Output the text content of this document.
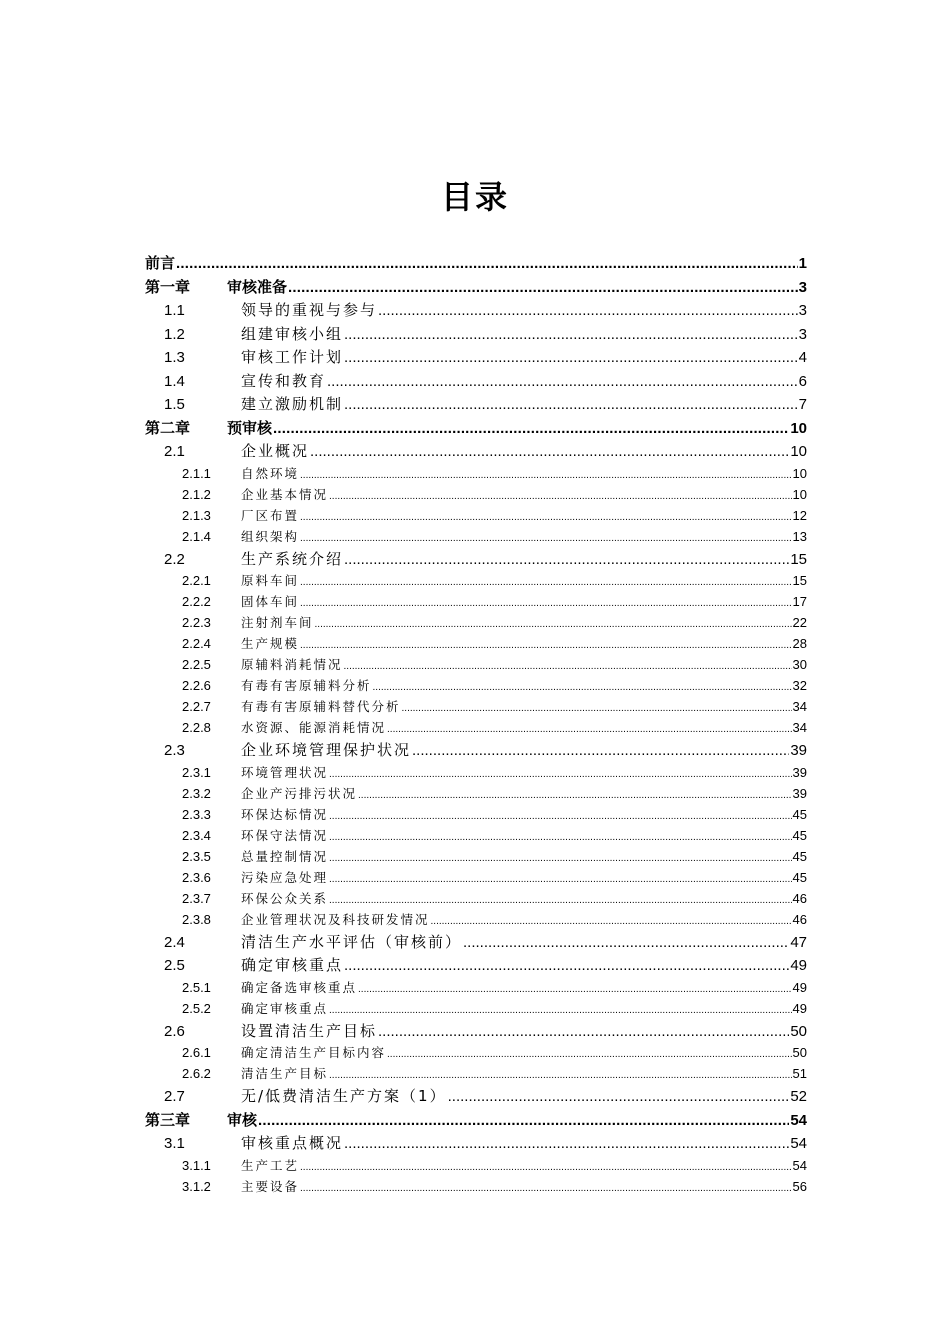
目录
前言 .....	1
第一章	审核准备 .....	3
1.1	领导的重视与参与 .....	3
1.2	组建审核小组 .....	3
1.3	审核工作计划 .....	4
1.4	宣传和教育 .....	6
1.5	建立激励机制 .....	7
第二章	预审核 .....	10
2.1	企业概况 .....	10
2.1.1	自然环境 .....	10
2.1.2	企业基本情况 .....	10
2.1.3	厂区布置 .....	12
2.1.4	组织架构 .....	13
2.2	生产系统介绍 .....	15
2.2.1	原料车间 .....	15
2.2.2	固体车间 .....	17
2.2.3	注射剂车间 .....	22
2.2.4	生产规模 .....	28
2.2.5	原辅料消耗情况 .....	30
2.2.6	有毒有害原辅料分析 .....	32
2.2.7	有毒有害原辅料替代分析 .....	34
2.2.8	水资源、能源消耗情况 .....	34
2.3	企业环境管理保护状况 .....	39
2.3.1	环境管理状况 .....	39
2.3.2	企业产污排污状况 .....	39
2.3.3	环保达标情况 .....	45
2.3.4	环保守法情况 .....	45
2.3.5	总量控制情况 .....	45
2.3.6	污染应急处理 .....	45
2.3.7	环保公众关系 .....	46
2.3.8	企业管理状况及科技研发情况 .....	46
2.4	清洁生产水平评估（审核前） .....	47
2.5	确定审核重点 .....	49
2.5.1	确定备选审核重点 .....	49
2.5.2	确定审核重点 .....	49
2.6	设置清洁生产目标 .....	50
2.6.1	确定清洁生产目标内容 .....	50
2.6.2	清洁生产目标 .....	51
2.7	无/低费清洁生产方案（1） .....	52
第三章	审核 .....	54
3.1	审核重点概况 .....	54
3.1.1	生产工艺 .....	54
3.1.2	主要设备 .....	56
